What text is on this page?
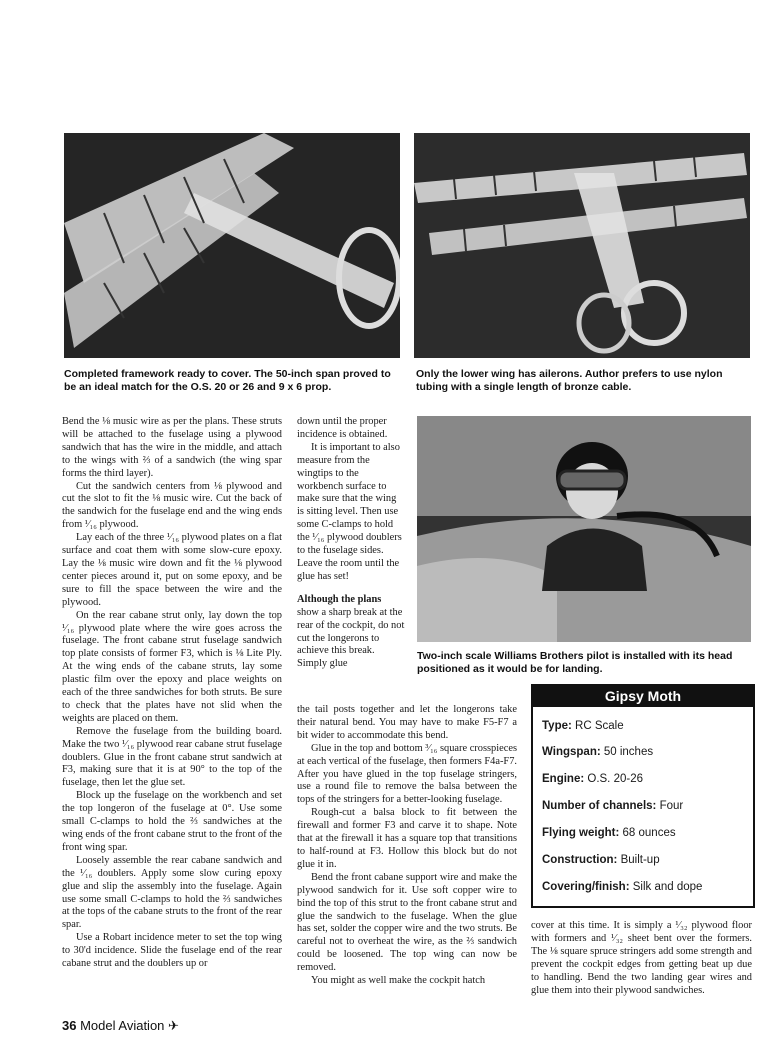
Completed framework ready to cover. The 50-inch span proved to be an ideal match for the O.S. 20 or 26 and 9 x 6 prop.
Only the lower wing has ailerons. Author prefers to use nylon tubing with a single length of bronze cable.
Two-inch scale Williams Brothers pilot is installed with its head positioned as it would be for landing.

Bend the ⅛ music wire as per the plans. These struts will be attached to the fuselage using a plywood sandwich that has the wire in the middle, and attach to the wings with ⅔ of a sandwich (the wing spar forms the third layer).

Cut the sandwich centers from ⅛ plywood and cut the slot to fit the ⅛ music wire. Cut the back of the sandwich for the fuselage end and the wing ends from ¹⁄₁₆ plywood.

Lay each of the three ¹⁄₁₆ plywood plates on a flat surface and coat them with some slow-cure epoxy. Lay the ⅛ music wire down and fit the ⅛ plywood center pieces around it, put on some epoxy, and be sure to fill the space between the wire and the plywood.

On the rear cabane strut only, lay down the top ¹⁄₁₆ plywood plate where the wire goes across the fuselage. The front cabane strut fuselage sandwich top plate consists of former F3, which is ⅛ Lite Ply. At the wing ends of the cabane struts, lay some plastic film over the epoxy and place weights on each of the three sandwiches for both struts. Be sure to check that the plates have not slid when the weights are placed on them.

Remove the fuselage from the building board. Make the two ¹⁄₁₆ plywood rear cabane strut fuselage doublers. Glue in the front cabane strut sandwich at F3, making sure that it is at 90° to the top of the fuselage, then let the glue set.

Block up the fuselage on the workbench and set the top longeron of the fuselage at 0°. Use some small C-clamps to hold the ⅔ sandwiches at the wing ends of the front cabane strut to the front of the front wing spar.

Loosely assemble the rear cabane sandwich and the ¹⁄₁₆ doublers. Apply some slow curing epoxy glue and slip the assembly into the fuselage. Again use some small C-clamps to hold the ⅔ sandwiches at the tops of the cabane struts to the front of the rear spar.

Use a Robart incidence meter to set the top wing to 30'd incidence. Slide the fuselage end of the rear cabane strut and the doublers up or

down until the proper incidence is obtained.

It is important to also measure from the wingtips to the workbench surface to make sure that the wing is sitting level. Then use some C-clamps to hold the ¹⁄₁₆ plywood doublers to the fuselage sides. Leave the room until the glue has set!

Although the plans show a sharp break at the rear of the cockpit, do not cut the longerons to achieve this break. Simply glue

the tail posts together and let the longerons take their natural bend. You may have to make F5-F7 a bit wider to accommodate this bend.

Glue in the top and bottom ³⁄₁₆ square crosspieces at each vertical of the fuselage, then formers F4a-F7. After you have glued in the top fuselage stringers, use a round file to remove the balsa between the tops of the stringers for a better-looking fuselage.

Rough-cut a balsa block to fit between the firewall and former F3 and carve it to shape. Note that at the firewall it has a square top that transitions to half-round at F3. Hollow this block but do not glue it in.

Bend the front cabane support wire and make the plywood sandwich for it. Use soft copper wire to bind the top of this strut to the front cabane strut and glue the sandwich to the fuselage. When the glue has set, solder the copper wire and the two struts. Be careful not to overheat the wire, as the ⅔ sandwich could be loosened. The top wing can now be removed.

You might as well make the cockpit hatch

Gipsy Moth
Type: RC Scale
Wingspan: 50 inches
Engine: O.S. 20-26
Number of channels: Four
Flying weight: 68 ounces
Construction: Built-up
Covering/finish: Silk and dope

cover at this time. It is simply a ¹⁄₃₂ plywood floor with formers and ¹⁄₃₂ sheet bent over the formers. The ⅛ square spruce stringers add some strength and prevent the cockpit edges from getting beat up due to handling. Bend the two landing gear wires and glue them into their plywood sandwiches.

36 Model Aviation ✈
